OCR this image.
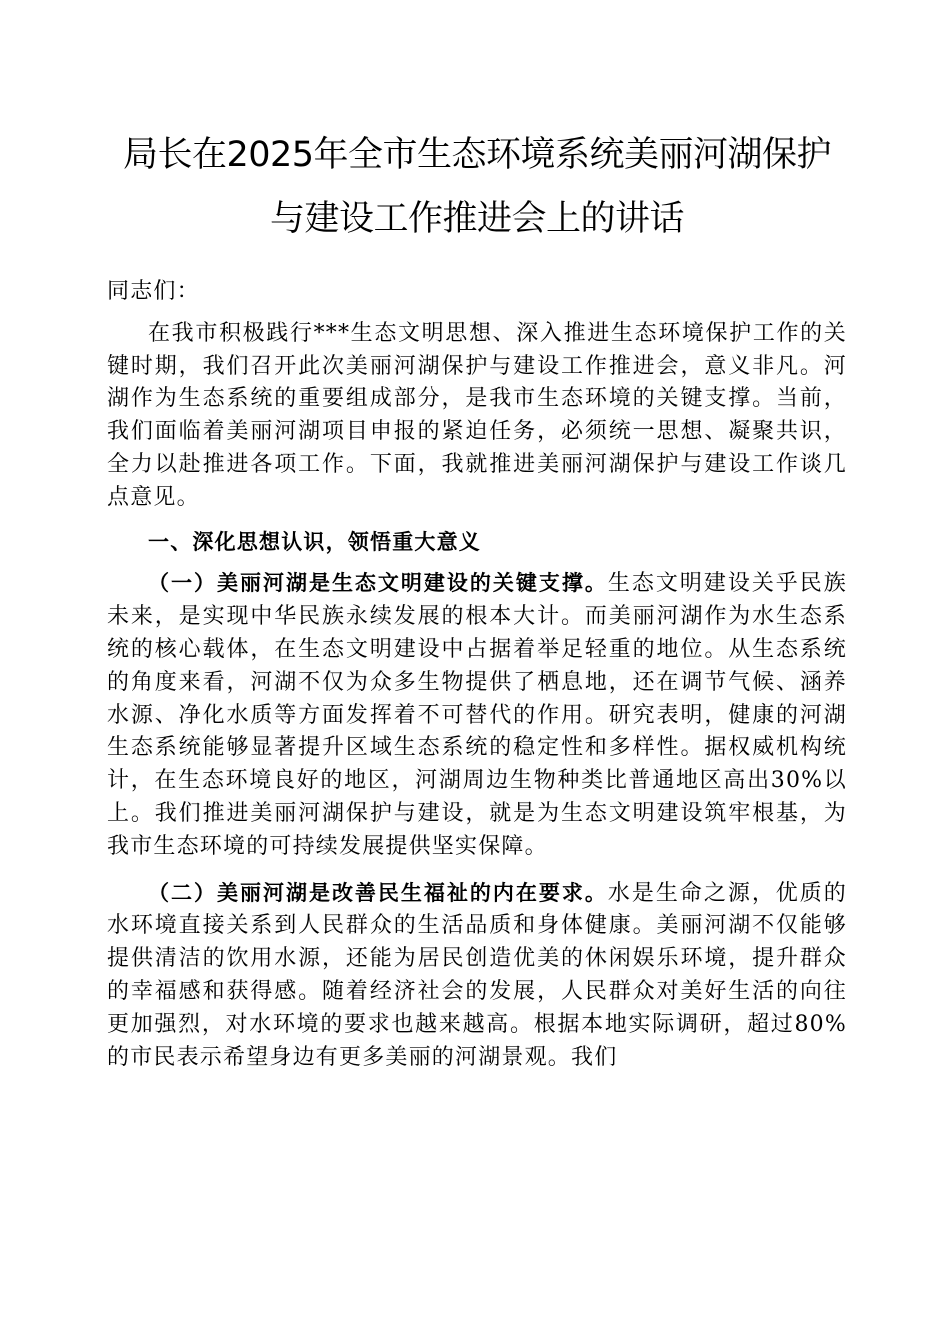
局长在2025年全市生态环境系统美丽河湖保护
与建设工作推进会上的讲话

同志们：

在我市积极践行***生态文明思想、深入推进生态环境保护工作的关键时期，我们召开此次美丽河湖保护与建设工作推进会，意义非凡。河湖作为生态系统的重要组成部分，是我市生态环境的关键支撑。当前，我们面临着美丽河湖项目申报的紧迫任务，必须统一思想、凝聚共识，全力以赴推进各项工作。下面，我就推进美丽河湖保护与建设工作谈几点意见。

一、深化思想认识，领悟重大意义

（一）美丽河湖是生态文明建设的关键支撑。生态文明建设关乎民族未来，是实现中华民族永续发展的根本大计。而美丽河湖作为水生态系统的核心载体，在生态文明建设中占据着举足轻重的地位。从生态系统的角度来看，河湖不仅为众多生物提供了栖息地，还在调节气候、涵养水源、净化水质等方面发挥着不可替代的作用。研究表明，健康的河湖生态系统能够显著提升区域生态系统的稳定性和多样性。据权威机构统计，在生态环境良好的地区，河湖周边生物种类比普通地区高出30%以上。我们推进美丽河湖保护与建设，就是为生态文明建设筑牢根基，为我市生态环境的可持续发展提供坚实保障。

（二）美丽河湖是改善民生福祉的内在要求。水是生命之源，优质的水环境直接关系到人民群众的生活品质和身体健康。美丽河湖不仅能够提供清洁的饮用水源，还能为居民创造优美的休闲娱乐环境，提升群众的幸福感和获得感。随着经济社会的发展，人民群众对美好生活的向往更加强烈，对水环境的要求也越来越高。根据本地实际调研，超过80%的市民表示希望身边有更多美丽的河湖景观。我们
